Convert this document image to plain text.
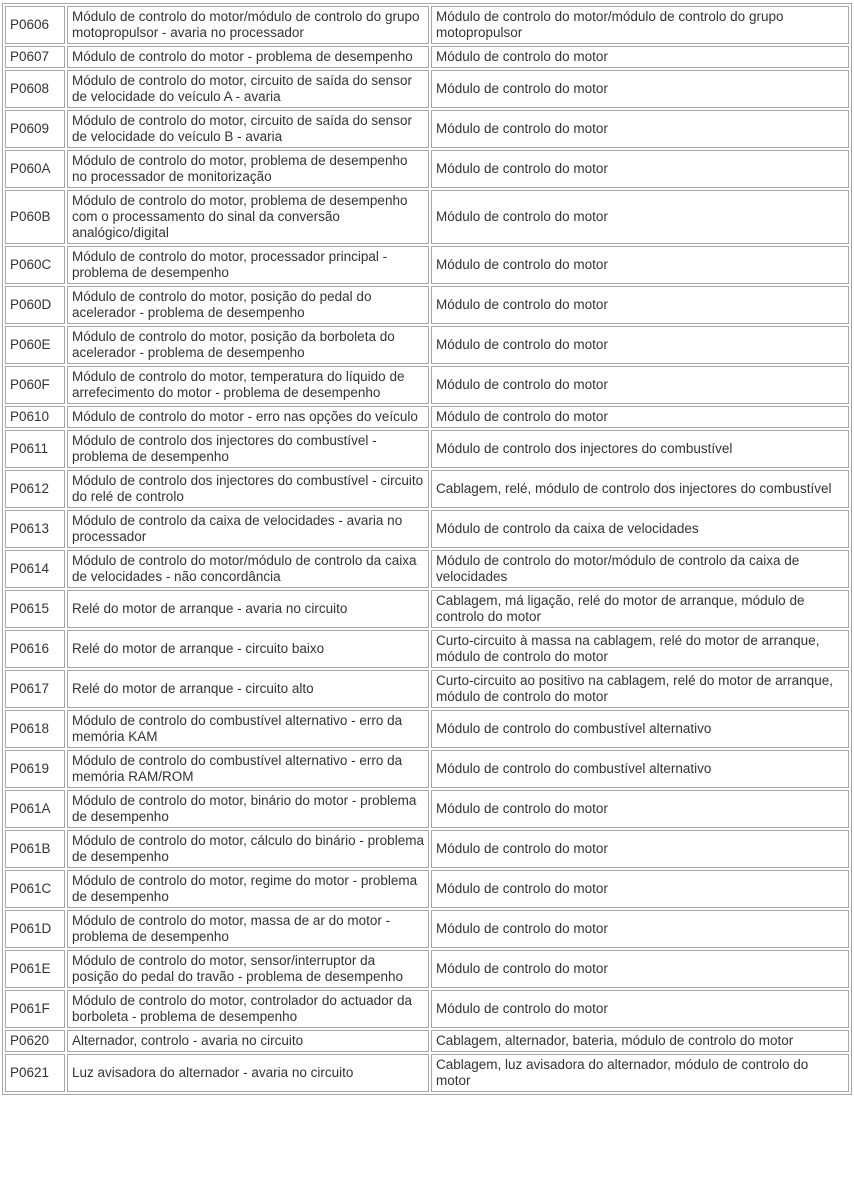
P0606	Módulo de controlo do motor/módulo de controlo do grupo motopropulsor - avaria no processador	Módulo de controlo do motor/módulo de controlo do grupo motopropulsor
P0607	Módulo de controlo do motor - problema de desempenho	Módulo de controlo do motor
P0608	Módulo de controlo do motor, circuito de saída do sensor de velocidade do veículo A - avaria	Módulo de controlo do motor
P0609	Módulo de controlo do motor, circuito de saída do sensor de velocidade do veículo B - avaria	Módulo de controlo do motor
P060A	Módulo de controlo do motor, problema de desempenho no processador de monitorização	Módulo de controlo do motor
P060B	Módulo de controlo do motor, problema de desempenho com o processamento do sinal da conversão analógico/digital	Módulo de controlo do motor
P060C	Módulo de controlo do motor, processador principal - problema de desempenho	Módulo de controlo do motor
P060D	Módulo de controlo do motor, posição do pedal do acelerador - problema de desempenho	Módulo de controlo do motor
P060E	Módulo de controlo do motor, posição da borboleta do acelerador - problema de desempenho	Módulo de controlo do motor
P060F	Módulo de controlo do motor, temperatura do líquido de arrefecimento do motor - problema de desempenho	Módulo de controlo do motor
P0610	Módulo de controlo do motor - erro nas opções do veículo	Módulo de controlo do motor
P0611	Módulo de controlo dos injectores do combustível - problema de desempenho	Módulo de controlo dos injectores do combustível
P0612	Módulo de controlo dos injectores do combustível - circuito do relé de controlo	Cablagem, relé, módulo de controlo dos injectores do combustível
P0613	Módulo de controlo da caixa de velocidades - avaria no processador	Módulo de controlo da caixa de velocidades
P0614	Módulo de controlo do motor/módulo de controlo da caixa de velocidades - não concordância	Módulo de controlo do motor/módulo de controlo da caixa de velocidades
P0615	Relé do motor de arranque - avaria no circuito	Cablagem, má ligação, relé do motor de arranque, módulo de controlo do motor
P0616	Relé do motor de arranque - circuito baixo	Curto-circuito à massa na cablagem, relé do motor de arranque, módulo de controlo do motor
P0617	Relé do motor de arranque - circuito alto	Curto-circuito ao positivo na cablagem, relé do motor de arranque, módulo de controlo do motor
P0618	Módulo de controlo do combustível alternativo - erro da memória KAM	Módulo de controlo do combustível alternativo
P0619	Módulo de controlo do combustível alternativo - erro da memória RAM/ROM	Módulo de controlo do combustível alternativo
P061A	Módulo de controlo do motor, binário do motor - problema de desempenho	Módulo de controlo do motor
P061B	Módulo de controlo do motor, cálculo do binário - problema de desempenho	Módulo de controlo do motor
P061C	Módulo de controlo do motor, regime do motor - problema de desempenho	Módulo de controlo do motor
P061D	Módulo de controlo do motor, massa de ar do motor - problema de desempenho	Módulo de controlo do motor
P061E	Módulo de controlo do motor, sensor/interruptor da posição do pedal do travão - problema de desempenho	Módulo de controlo do motor
P061F	Módulo de controlo do motor, controlador do actuador da borboleta - problema de desempenho	Módulo de controlo do motor
P0620	Alternador, controlo - avaria no circuito	Cablagem, alternador, bateria, módulo de controlo do motor
P0621	Luz avisadora do alternador - avaria no circuito	Cablagem, luz avisadora do alternador, módulo de controlo do motor
